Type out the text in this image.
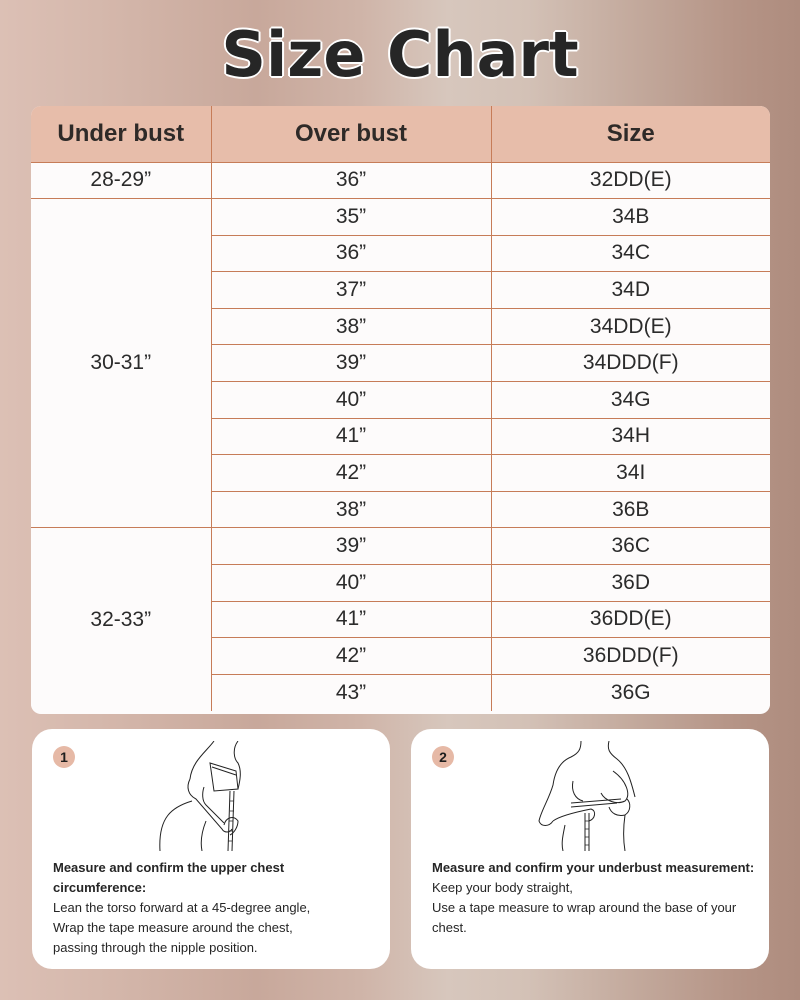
Size Chart
Under bust	Over bust	Size
28-29”	36”	32DD(E)
30-31”	35”	34B
	36”	34C
	37”	34D
	38”	34DD(E)
	39”	34DDD(F)
	40”	34G
	41”	34H
	42”	34I
	38”	36B
32-33”	39”	36C
	40”	36D
	41”	36DD(E)
	42”	36DDD(F)
	43”	36G
1
Measure and confirm the upper chest circumference:
Lean the torso forward at a 45-degree angle,
Wrap the tape measure around the chest,
passing through the nipple position.
2
Measure and confirm your underbust measurement:
Keep your body straight,
Use a tape measure to wrap around the base of your chest.
